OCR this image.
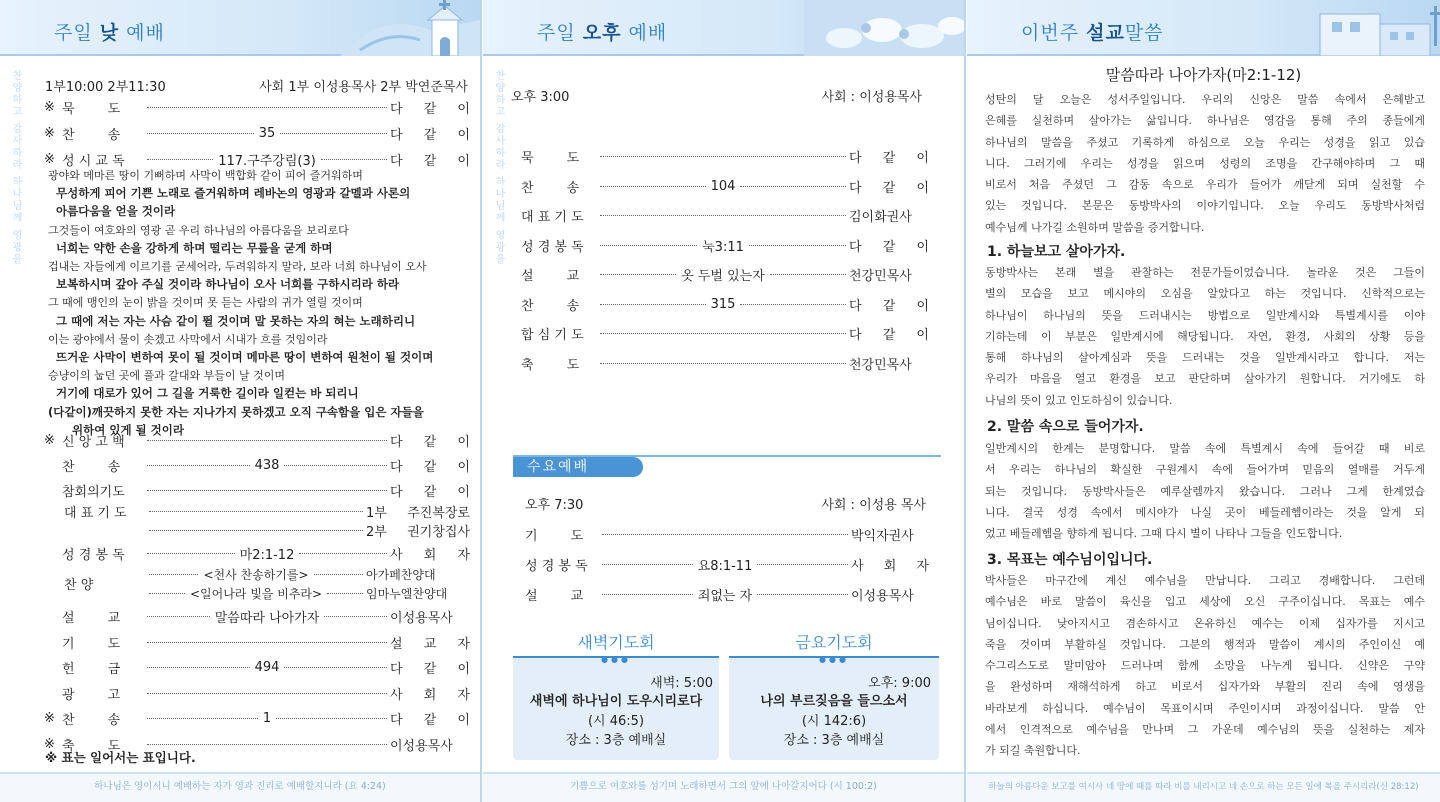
주일 낮 예배
찬양하고 감사하라 하나님께 영광을 1부10:00 2부11:30	사회 1부 이성용목사 2부 박연준목사
※ 묵        도	다  같  이
※ 찬        송	35	다  같  이
※ 성 시 교 독	117.구주강림(3)	다  같  이
광야와 메마른 땅이 기뻐하며 사막이 백합화 같이 피어 즐거워하며
무성하게 피어 기쁜 노래로 즐거워하며 레바논의 영광과 갈멜과 사론의
아름다움을 얻을 것이라
그것들이 여호와의 영광 곧 우리 하나님의 아름다움을 보리로다
너희는 약한 손을 강하게 하며 떨리는 무릎을 굳게 하며
겁내는 자들에게 이르기를 굳세어라, 두려워하지 말라, 보라 너희 하나님이 오사
보복하시며 갚아 주실 것이라 하나님이 오사 너희를 구하시리라 하라
그 때에 맹인의 눈이 밝을 것이며 못 듣는 사람의 귀가 열릴 것이며
그 때에 저는 자는 사슴 같이 뛸 것이며 말 못하는 자의 혀는 노래하리니
이는 광야에서 물이 솟겠고 사막에서 시내가 흐를 것임이라
뜨거운 사막이 변하여 못이 될 것이며 메마른 땅이 변하여 원천이 될 것이며
승냥이의 눕던 곳에 풀과 갈대와 부들이 날 것이며
거기에 대로가 있어 그 길을 거룩한 길이라 일컫는 바 되리니
(다같이)깨끗하지 못한 자는 지나가지 못하겠고 오직 구속함을 입은 자들을
위하여 있게 될 것이라
※ 신 앙 고 백	다  같  이
찬        송	438	다  같  이
참회의기도	다  같  이
대 표 기 도	1부 주진복장로
2부 권기창집사
성 경 봉 독	마2:1-12	사  회  자
찬 양
<천사 찬송하기를>	아가페찬양대
<일어나라 빛을 비추라>	임마누엘찬양대
설        교	말씀따라 나아가자	이성용목사
기        도	설  교  자
헌        금	494	다  같  이
광        고	사  회  자
※ 찬        송	1	다  같  이
※ 축        도	이성용목사
※ 표는 일어서는 표입니다.
하나님은 영이시니 예배하는 자가 영과 진리로 예배할지니라 (요 4:24)
주일 오후 예배
찬양하고 감사하라 하나님께 영광을 오후 3:00	사회 : 이성용목사
묵        도	다  같  이
찬        송	104	다  같  이
대 표 기 도	김이화권사
성 경 봉 독	눅3:11	다  같  이
설        교	옷 두벌 있는자	천강민목사
찬        송	315	다  같  이
합 심 기 도	다  같  이
축        도	천강민목사
수요예배
오후 7:30	사회 : 이성용 목사
기        도	박익자권사
성 경 봉 독	요8:1-11	사  회  자
설        교	죄없는 자	이성용목사
새벽기도회
●●●
새벽: 5:00
새벽에 하나님이 도우시리로다
(시 46:5)
장소 : 3층 예배실
금요기도회
●●●
오후: 9:00
나의 부르짖음을 들으소서
(시 142:6)
장소 : 3층 예배실
기쁨으로 여호와를 섬기며 노래하면서 그의 앞에 나아갈지어다 (시 100:2)
이번주 설교말씀
말씀따라 나아가자(마2:1-12)

성탄의 달 오늘은 성서주일입니다. 우리의 신앙은 말씀 속에서 은혜받고

은혜를 실천하며 살아가는 삶입니다. 하나님은 영감을 통해 주의 종들에게

하나님의 말씀을 주셨고 기록하게 하심으로 오늘 우리는 성경을 읽고 있습

니다. 그러기에 우리는 성경을 읽으며 성령의 조명을 간구해야하며 그 때

비로서 처음 주셨던 그 감동 속으로 우리가 들어가 깨닫게 되며 실천할 수

있는 것입니다. 본문은 동방박사의 이야기입니다. 오늘 우리도 동방박사처럼

예수님께 나가길 소원하며 말씀을 증거합니다.

1. 하늘보고 살아가자.

동방박사는 본래 별을 관찰하는 전문가들이었습니다. 놀라운 것은 그들이

별의 모습을 보고 메시야의 오심을 알았다고 하는 것입니다. 신학적으로는

하나님이 하나님의 뜻을 드러내시는 방법으로 일반계시와 특별계시를 이야

기하는데 이 부분은 일반계시에 해당됩니다. 자연, 환경, 사회의 상황 등을

통해 하나님의 살아계심과 뜻을 드러내는 것을 일반계시라고 합니다. 저는

우리가 마음을 열고 환경을 보고 판단하며 살아가기 원합니다. 거기에도 하

나님의 뜻이 있고 인도하심이 있습니다.

2. 말씀 속으로 들어가자.

일반계시의 한계는 분명합니다. 말씀 속에 특별계시 속에 들어갈 때 비로

서 우리는 하나님의 확실한 구원계시 속에 들어가며 믿음의 열매를 거두게

되는 것입니다. 동방박사들은 예루살렘까지 왔습니다. 그러나 그게 한계였습

니다. 결국 성경 속에서 메시야가 나실 곳이 베들레헴이라는 것을 알게 되

었고 베들레헴을 향하게 됩니다. 그때 다시 별이 나타나 그들을 인도합니다.

3. 목표는 예수님이입니다.

박사들은 마구간에 계신 예수님을 만납니다. 그리고 경배합니다. 그런데

예수님은 바로 말씀이 육신을 입고 세상에 오신 구주이십니다. 목표는 예수

님이십니다. 낮아지시고 겸손하시고 온유하신 예수는 이제 십자가를 지시고

죽을 것이며 부활하실 것입니다. 그분의 행적과 말씀이 계시의 주인이신 예

수그리스도로 말미암아 드러나며 함께 소망을 나누게 됩니다. 신약은 구약

을 완성하며 재해석하게 하고 비로서 십자가와 부활의 진리 속에 영생을

바라보게 하십니다. 예수님이 목표이시며 주인이시며 과정이십니다. 말씀 안

에서 인격적으로 예수님을 만나며 그 가운데 예수님의 뜻을 실천하는 제자

가 되길 축원합니다.

하늘의 아름다운 보고를 여시사 네 땅에 때를 따라 비를 내리시고 네 손으로 하는 모든 일에 복을 주시리라(신 28:12)
